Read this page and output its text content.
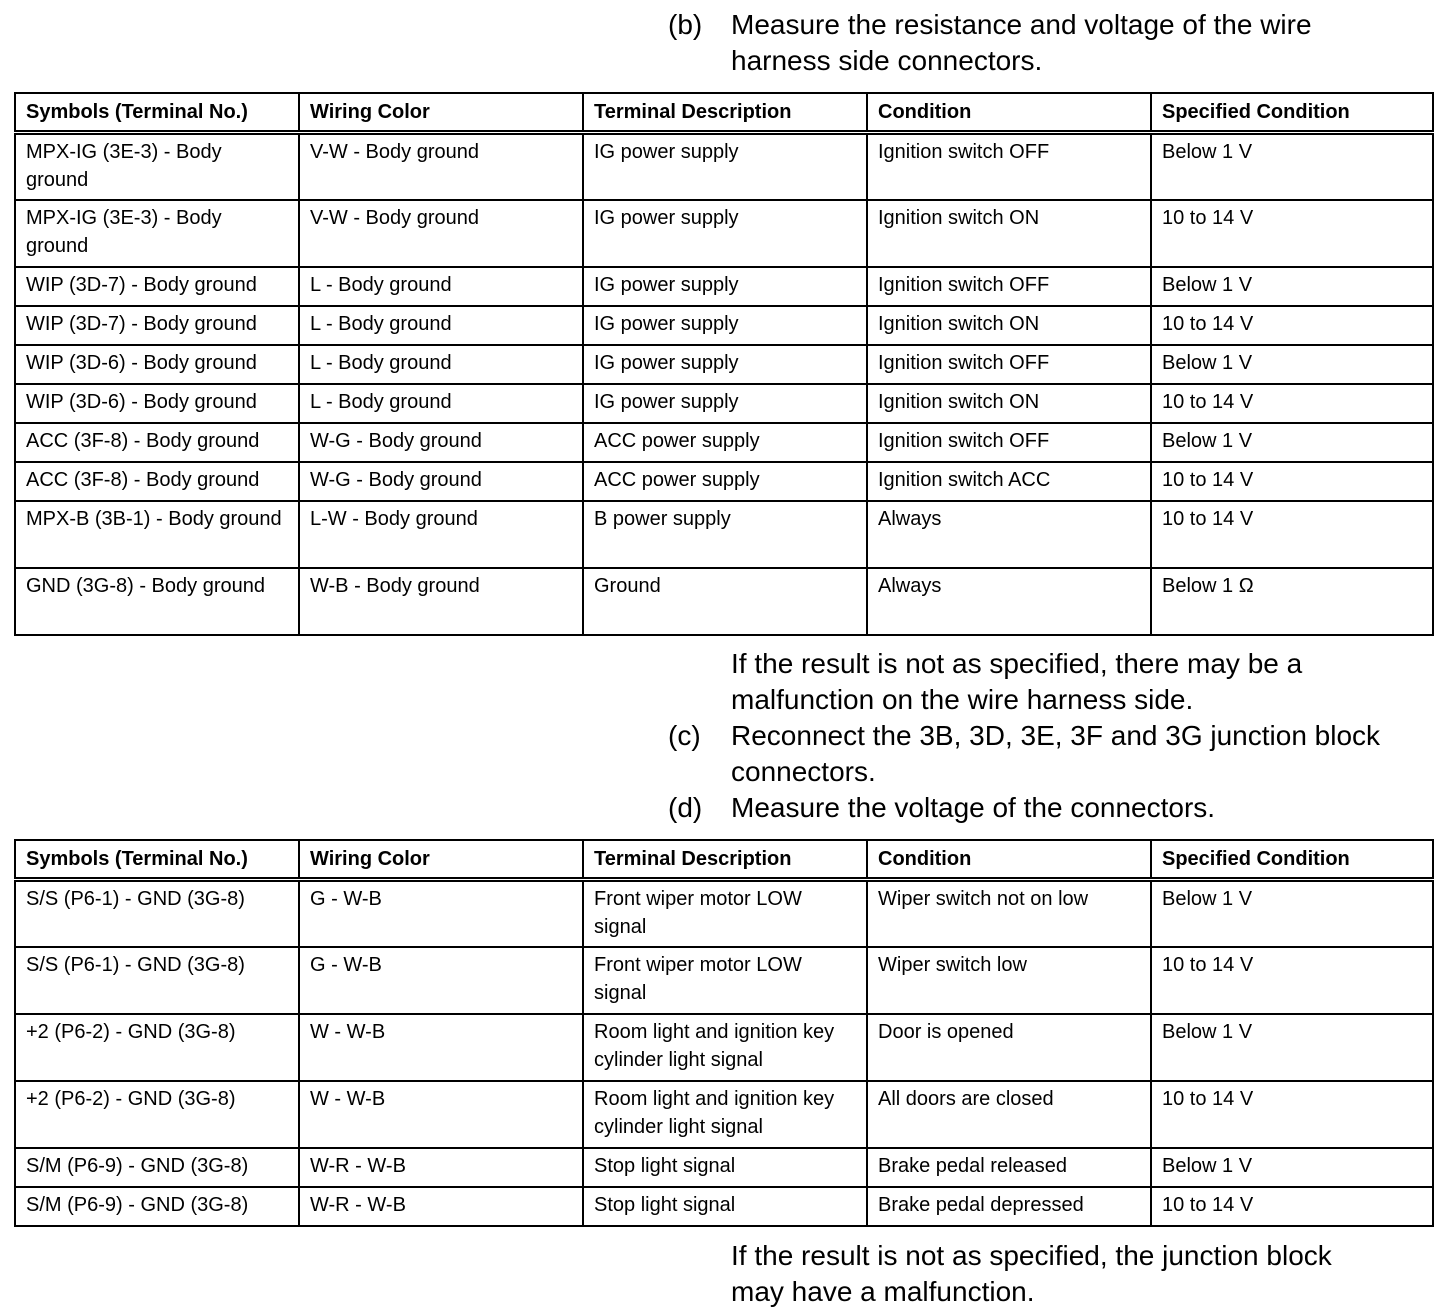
(b)	Measure the resistance and voltage of the wire
harness side connectors.
Symbols (Terminal No.)	Wiring Color	Terminal Description	Condition	Specified Condition
MPX-IG (3E-3) - Body ground	V-W - Body ground	IG power supply	Ignition switch OFF	Below 1 V
MPX-IG (3E-3) - Body ground	V-W - Body ground	IG power supply	Ignition switch ON	10 to 14 V
WIP (3D-7) - Body ground	L - Body ground	IG power supply	Ignition switch OFF	Below 1 V
WIP (3D-7) - Body ground	L - Body ground	IG power supply	Ignition switch ON	10 to 14 V
WIP (3D-6) - Body ground	L - Body ground	IG power supply	Ignition switch OFF	Below 1 V
WIP (3D-6) - Body ground	L - Body ground	IG power supply	Ignition switch ON	10 to 14 V
ACC (3F-8) - Body ground	W-G - Body ground	ACC power supply	Ignition switch OFF	Below 1 V
ACC (3F-8) - Body ground	W-G - Body ground	ACC power supply	Ignition switch ACC	10 to 14 V
MPX-B (3B-1) - Body ground	L-W - Body ground	B power supply	Always	10 to 14 V
GND (3G-8) - Body ground	W-B - Body ground	Ground	Always	Below 1 Ω
If the result is not as specified, there may be a
malfunction on the wire harness side.
(c)	Reconnect the 3B, 3D, 3E, 3F and 3G junction block
connectors.
(d)	Measure the voltage of the connectors.
Symbols (Terminal No.)	Wiring Color	Terminal Description	Condition	Specified Condition
S/S (P6-1) - GND (3G-8)	G - W-B	Front wiper motor LOW signal	Wiper switch not on low	Below 1 V
S/S (P6-1) - GND (3G-8)	G - W-B	Front wiper motor LOW signal	Wiper switch low	10 to 14 V
+2 (P6-2) - GND (3G-8)	W - W-B	Room light and ignition key cylinder light signal	Door is opened	Below 1 V
+2 (P6-2) - GND (3G-8)	W - W-B	Room light and ignition key cylinder light signal	All doors are closed	10 to 14 V
S/M (P6-9) - GND (3G-8)	W-R - W-B	Stop light signal	Brake pedal released	Below 1 V
S/M (P6-9) - GND (3G-8)	W-R - W-B	Stop light signal	Brake pedal depressed	10 to 14 V
If the result is not as specified, the junction block
may have a malfunction.
